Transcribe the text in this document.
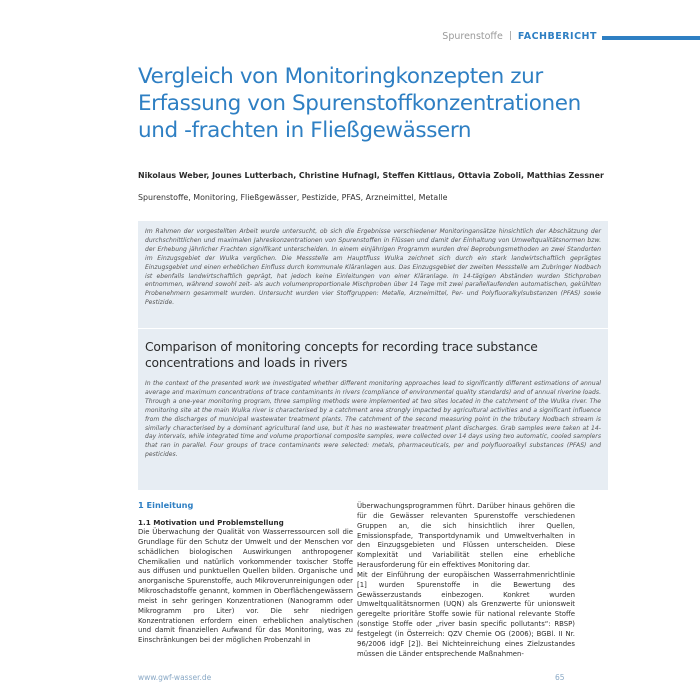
Spurenstoffe FACHBERICHT
Vergleich von Monitoringkonzepten zur Erfassung von Spurenstoffkonzentrationen und -frachten in Fließgewässern
Nikolaus Weber, Jounes Lutterbach, Christine Hufnagl, Steffen Kittlaus, Ottavia Zoboli, Matthias Zessner
Spurenstoffe, Monitoring, Fließgewässer, Pestizide, PFAS, Arzneimittel, Metalle
Im Rahmen der vorgestellten Arbeit wurde untersucht, ob sich die Ergebnisse verschiedener Monitoringansätze hinsichtlich der Abschätzung der durchschnittlichen und maximalen Jahreskonzentrationen von Spurenstoffen in Flüssen und damit der Einhaltung von Umweltqualitätsnormen bzw. der Erhebung jährlicher Frachten signifikant unterscheiden. In einem einjährigen Programm wurden drei Beprobungsmethoden an zwei Standorten im Einzugsgebiet der Wulka verglichen. Die Messstelle am Hauptfluss Wulka zeichnet sich durch ein stark landwirtschaftlich geprägtes Einzugsgebiet und einen erheblichen Einfluss durch kommunale Kläranlagen aus. Das Einzugsgebiet der zweiten Messstelle am Zubringer Nodbach ist ebenfalls landwirtschaftlich geprägt, hat jedoch keine Einleitungen von einer Kläranlage. In 14-tägigen Abständen wurden Stichproben entnommen, während sowohl zeit- als auch volumenproportionale Mischproben über 14 Tage mit zwei parallellaufenden automatischen, gekühlten Probenehmern gesammelt wurden. Untersucht wurden vier Stoffgruppen: Metalle, Arzneimittel, Per- und Polyfluoralkylsubstanzen (PFAS) sowie Pestizide.
Comparison of monitoring concepts for recording trace substance concentrations and loads in rivers

In the context of the presented work we investigated whether different monitoring approaches lead to significantly different estimations of annual average and maximum concentrations of trace contaminants in rivers (compliance of environmental quality standards) and of annual riverine loads. Through a one-year monitoring program, three sampling methods were implemented at two sites located in the catchment of the Wulka river. The monitoring site at the main Wulka river is characterised by a catchment area strongly impacted by agricultural activities and a significant influence from the discharges of municipal wastewater treatment plants. The catchment of the second measuring point in the tributary Nodbach stream is similarly characterised by a dominant agricultural land use, but it has no wastewater treatment plant discharges. Grab samples were taken at 14-day intervals, while integrated time and volume proportional composite samples, were collected over 14 days using two automatic, cooled samplers that ran in parallel. Four groups of trace contaminants were selected: metals, pharmaceuticals, per and polyfluoroalkyl substances (PFAS) and pesticides.

1 Einleitung
1.1 Motivation und Problemstellung

Die Überwachung der Qualität von Wasserressourcen soll die Grundlage für den Schutz der Umwelt und der Menschen vor schädlichen biologischen Auswirkungen anthropogener Chemikalien und natürlich vorkommender toxischer Stoffe aus diffusen und punktuellen Quellen bilden. Organische und anorganische Spurenstoffe, auch Mikroverunreinigungen oder Mikroschadstoffe genannt, kommen in Oberflächengewässern meist in sehr geringen Konzentrationen (Nanogramm oder Mikrogramm pro Liter) vor. Die sehr niedrigen Konzentrationen erfordern einen erheblichen analytischen und damit finanziellen Aufwand für das Monitoring, was zu Einschränkungen bei der möglichen Probenzahl in

Überwachungsprogrammen führt. Darüber hinaus gehören die für die Gewässer relevanten Spurenstoffe verschiedenen Gruppen an, die sich hinsichtlich ihrer Quellen, Emissionspfade, Transportdynamik und Umweltverhalten in den Einzugsgebieten und Flüssen unterscheiden. Diese Komplexität und Variabilität stellen eine erhebliche Herausforderung für ein effektives Monitoring dar.

Mit der Einführung der europäischen Wasserrahmenrichtlinie [1] wurden Spurenstoffe in die Bewertung des Gewässerzustands einbezogen. Konkret wurden Umweltqualitätsnormen (UQN) als Grenzwerte für unionsweit geregelte prioritäre Stoffe sowie für national relevante Stoffe (sonstige Stoffe oder „river basin specific pollutants“: RBSP) festgelegt (in Österreich: QZV Chemie OG (2006); BGBl. II Nr. 96/2006 idgF [2]). Bei Nichteinreichung eines Zielzustandes müssen die Länder entsprechende Maßnahmen-

www.gwf-wasser.de	65
